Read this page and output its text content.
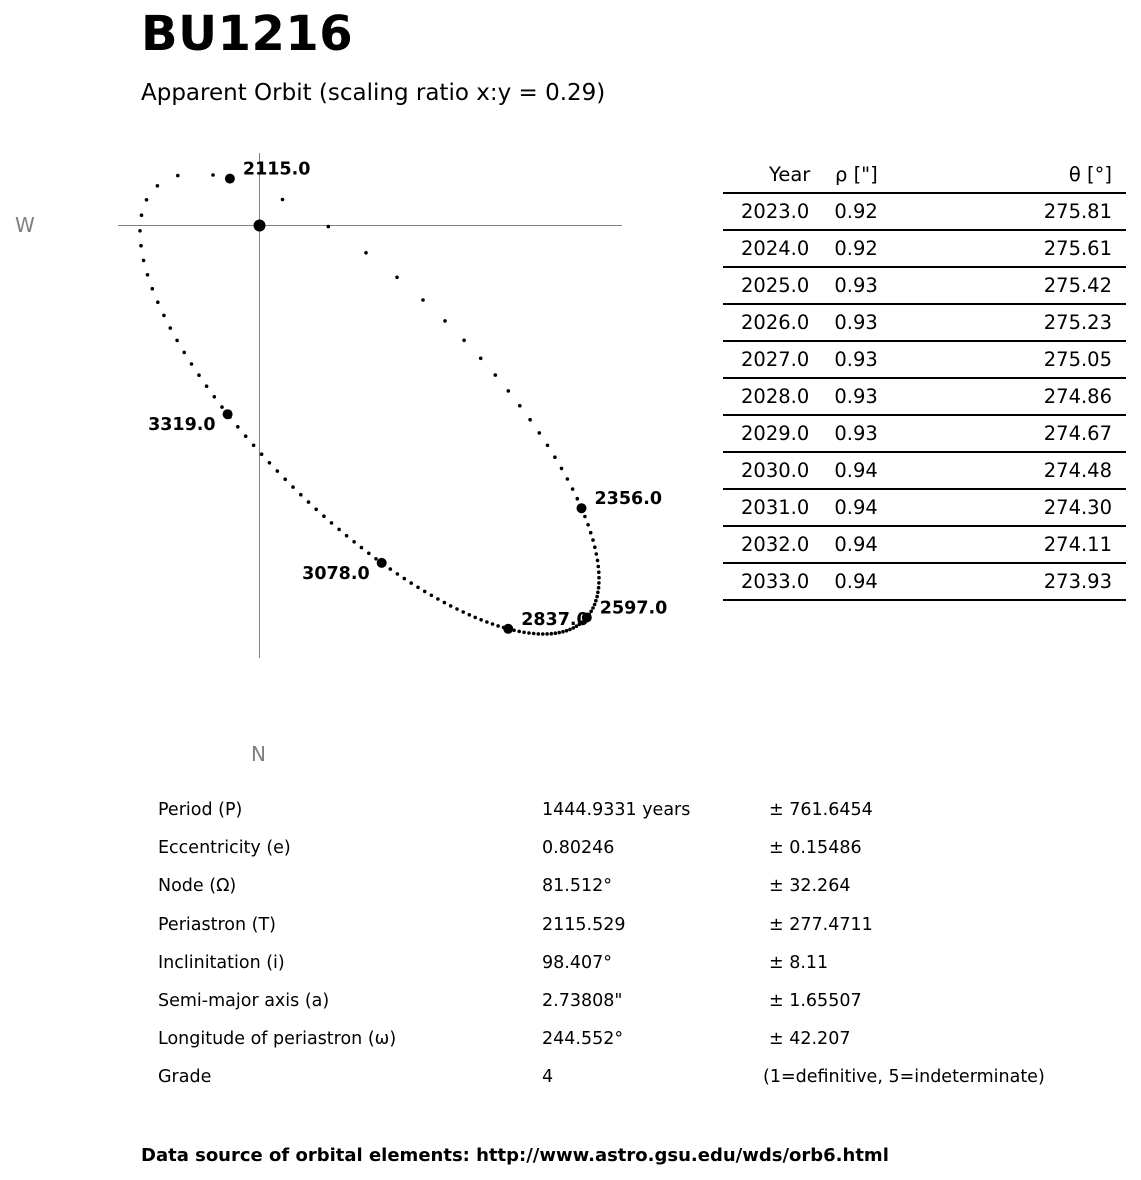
BU1216
Apparent Orbit (scaling ratio x:y = 0.29)
W
N
2115.0
2356.0
2597.0
2837.0
3078.0
3319.0
Year	ρ ["]	θ [°]
2023.0	0.92	275.81
2024.0	0.92	275.61
2025.0	0.93	275.42
2026.0	0.93	275.23
2027.0	0.93	275.05
2028.0	0.93	274.86
2029.0	0.93	274.67
2030.0	0.94	274.48
2031.0	0.94	274.30
2032.0	0.94	274.11
2033.0	0.94	273.93
Period (P)	1444.9331 years	± 761.6454
Eccentricity (e)	0.80246	± 0.15486
Node (Ω)	81.512°	± 32.264
Periastron (T)	2115.529	± 277.4711
Inclinitation (i)	98.407°	± 8.11
Semi-major axis (a)	2.73808"	± 1.65507
Longitude of periastron (ω)	244.552°	± 42.207
Grade	4	(1=definitive, 5=indeterminate)
Data source of orbital elements: http://www.astro.gsu.edu/wds/orb6.html
